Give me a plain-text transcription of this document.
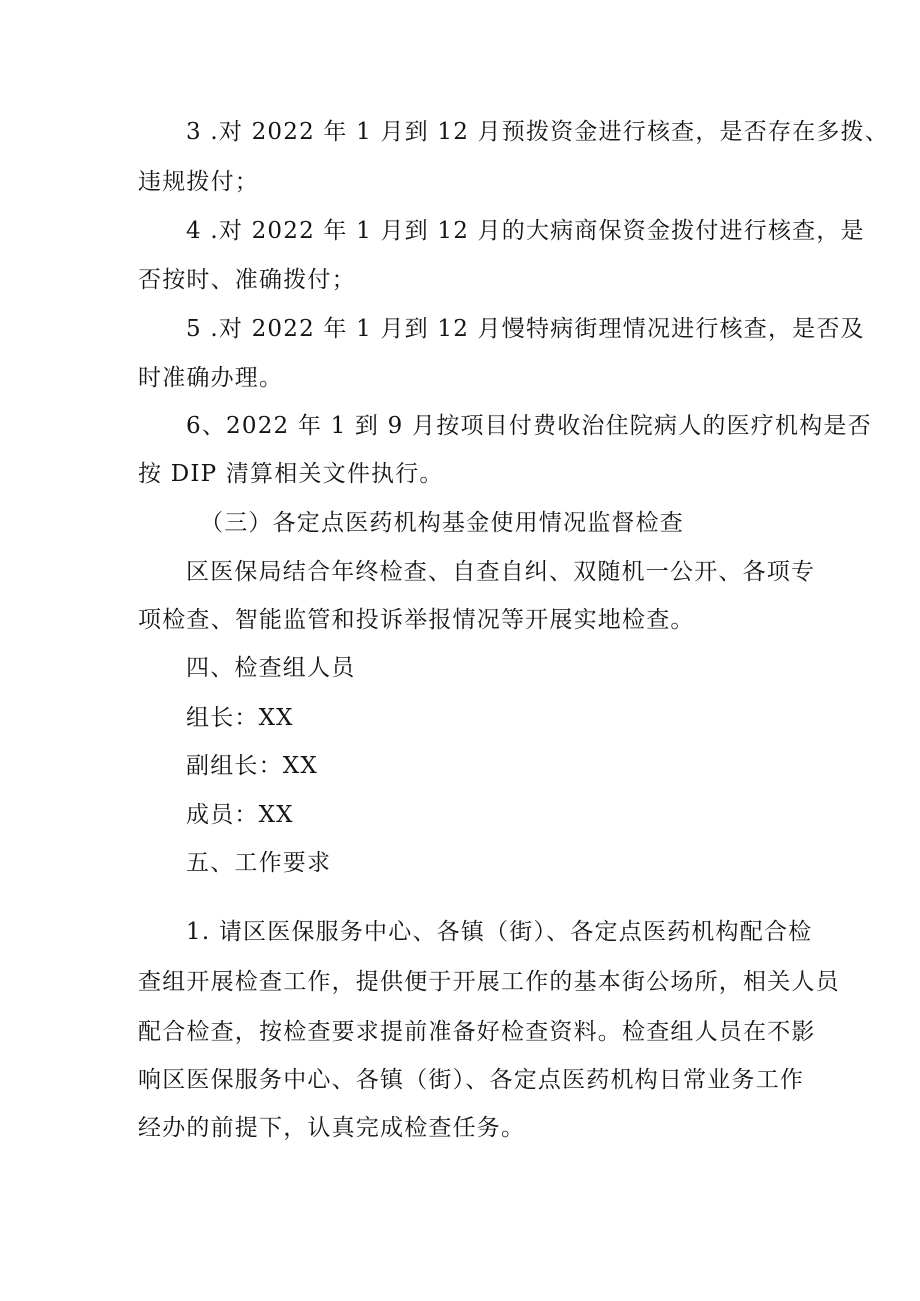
3 .对 2022 年 1 月到 12 月预拨资金进行核查，是否存在多拨、
违规拨付；
4 .对 2022 年 1 月到 12 月的大病商保资金拨付进行核查，是
否按时、准确拨付；
5 .对 2022 年 1 月到 12 月慢特病街理情况进行核查，是否及
时准确办理。
6、2022 年 1 到 9 月按项目付费收治住院病人的医疗机构是否
按 DIP 清算相关文件执行。
（三）各定点医药机构基金使用情况监督检查
区医保局结合年终检查、自查自纠、双随机一公开、各项专
项检查、智能监管和投诉举报情况等开展实地检查。
四、检查组人员
组长：XX
副组长：XX
成员：XX
五、工作要求
1. 请区医保服务中心、各镇（街）、各定点医药机构配合检
查组开展检查工作，提供便于开展工作的基本街公场所，相关人员
配合检查，按检查要求提前准备好检查资料。检查组人员在不影
响区医保服务中心、各镇（街）、各定点医药机构日常业务工作
经办的前提下，认真完成检查任务。
